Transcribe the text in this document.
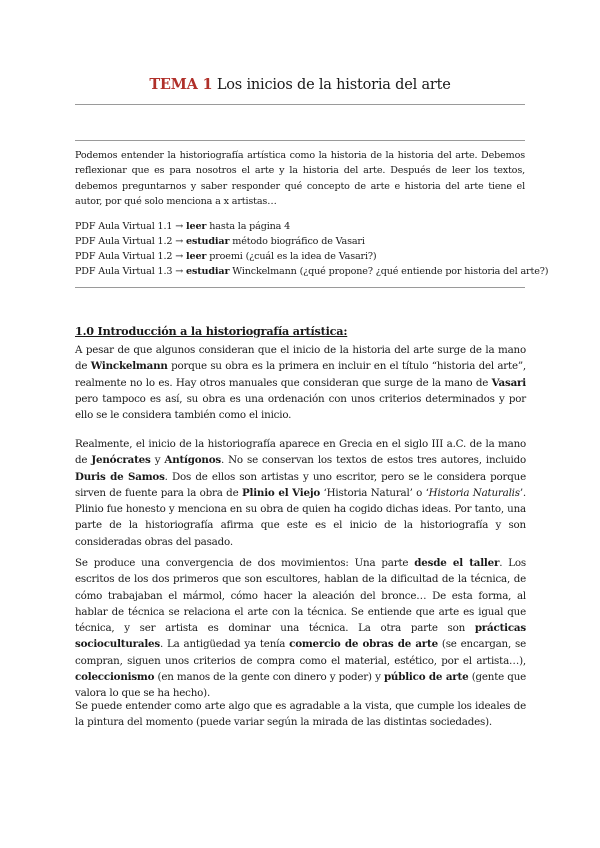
TEMA 1 Los inicios de la historia del arte
Podemos entender la historiografía artística como la historia de la historia del arte. Debemos reflexionar que es para nosotros el arte y la historia del arte. Después de leer los textos, debemos preguntarnos y saber responder qué concepto de arte e historia del arte tiene el autor, por qué solo menciona a x artistas…
PDF Aula Virtual 1.1 → leer hasta la página 4
PDF Aula Virtual 1.2 → estudiar método biográfico de Vasari
PDF Aula Virtual 1.2 → leer proemi (¿cuál es la idea de Vasari?)
PDF Aula Virtual 1.3 → estudiar Winckelmann (¿qué propone? ¿qué entiende por historia del arte?)
1.0 Introducción a la historiografía artística:
A pesar de que algunos consideran que el inicio de la historia del arte surge de la mano de Winckelmann porque su obra es la primera en incluir en el título “historia del arte”, realmente no lo es. Hay otros manuales que consideran que surge de la mano de Vasari pero tampoco es así, su obra es una ordenación con unos criterios determinados y por ello se le considera también como el inicio.
Realmente, el inicio de la historiografía aparece en Grecia en el siglo III a.C. de la mano de Jenócrates y Antígonos. No se conservan los textos de estos tres autores, incluido Duris de Samos. Dos de ellos son artistas y uno escritor, pero se le considera porque sirven de fuente para la obra de Plinio el Viejo ‘Historia Natural’ o ‘Historia Naturalis’. Plinio fue honesto y menciona en su obra de quien ha cogido dichas ideas. Por tanto, una parte de la historiografía afirma que este es el inicio de la historiografía y son consideradas obras del pasado.
Se produce una convergencia de dos movimientos: Una parte desde el taller. Los escritos de los dos primeros que son escultores, hablan de la dificultad de la técnica, de cómo trabajaban el mármol, cómo hacer la aleación del bronce… De esta forma, al hablar de técnica se relaciona el arte con la técnica. Se entiende que arte es igual que técnica, y ser artista es dominar una técnica. La otra parte son prácticas socioculturales. La antigüedad ya tenía comercio de obras de arte (se encargan, se compran, siguen unos criterios de compra como el material, estético, por el artista…), coleccionismo (en manos de la gente con dinero y poder) y público de arte (gente que valora lo que se ha hecho).
Se puede entender como arte algo que es agradable a la vista, que cumple los ideales de la pintura del momento (puede variar según la mirada de las distintas sociedades).
